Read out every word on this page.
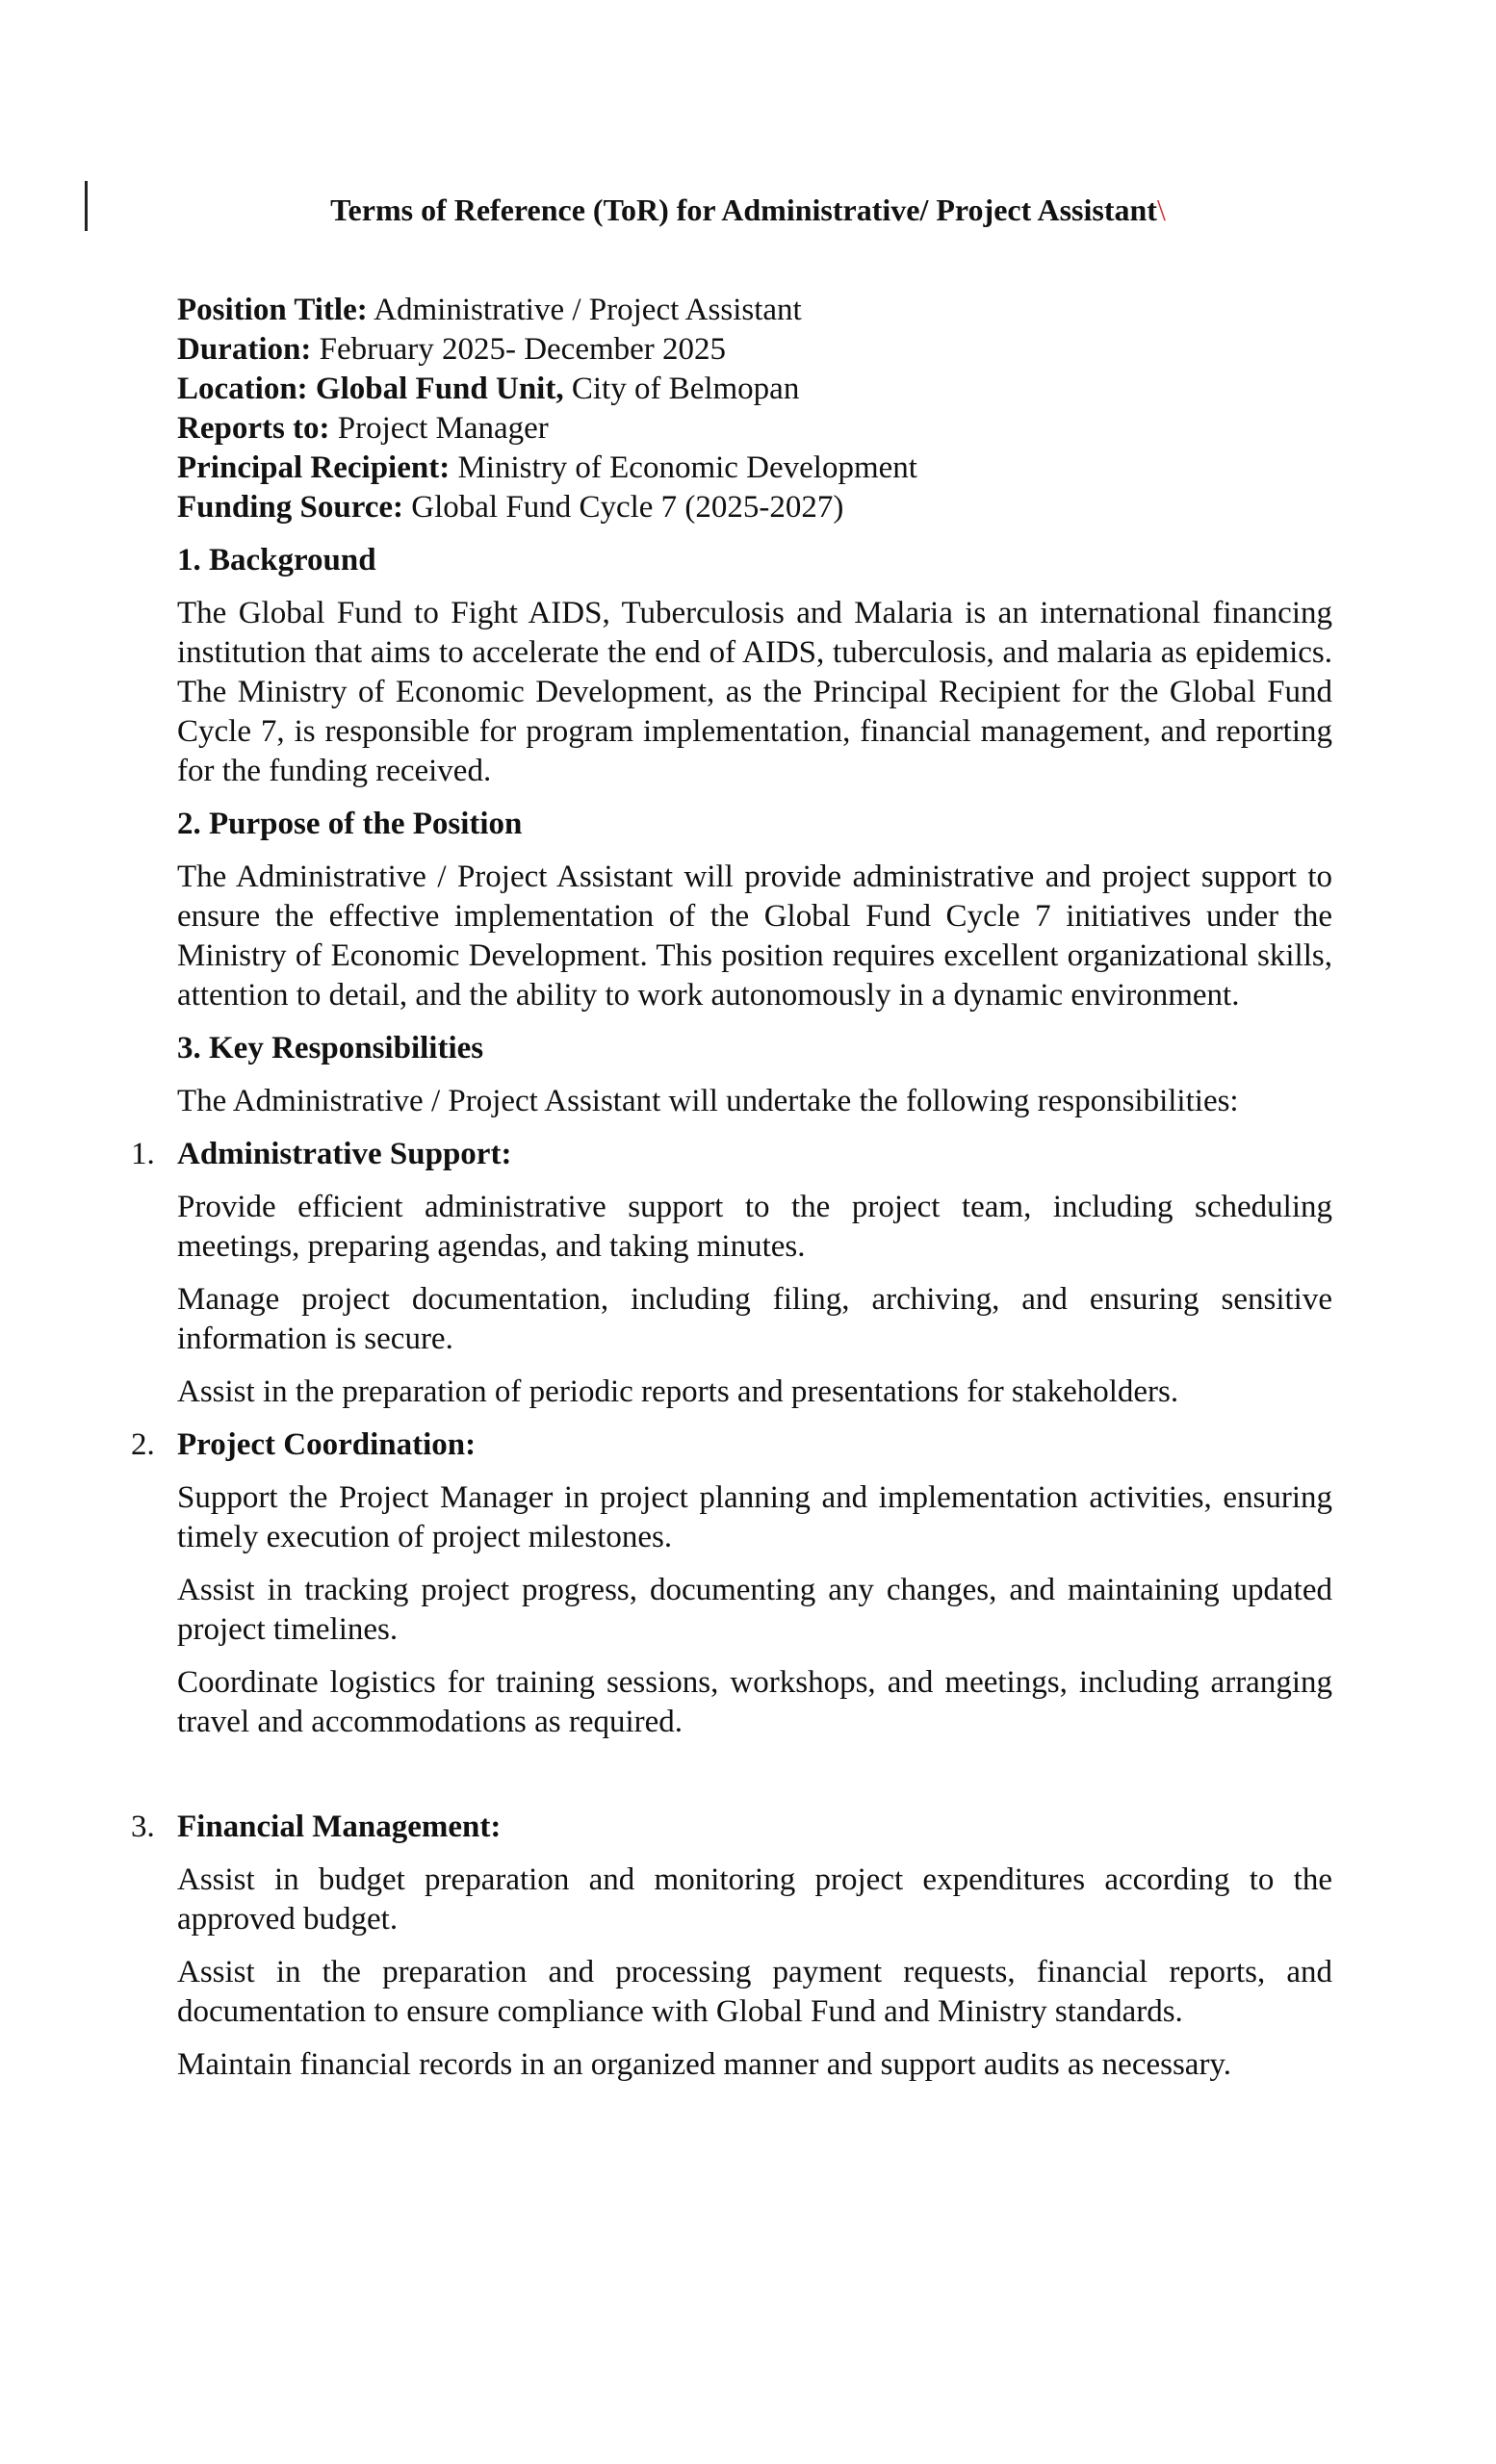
Terms of Reference (ToR) for Administrative/ Project Assistant\

Position Title: Administrative / Project Assistant

Duration: February 2025- December 2025

Location: Global Fund Unit, City of Belmopan

Reports to: Project Manager

Principal Recipient: Ministry of Economic Development

Funding Source: Global Fund Cycle 7 (2025-2027)

1. Background

The Global Fund to Fight AIDS, Tuberculosis and Malaria is an international financing institution that aims to accelerate the end of AIDS, tuberculosis, and malaria as epidemics. The Ministry of Economic Development, as the Principal Recipient for the Global Fund Cycle 7, is responsible for program implementation, financial management, and reporting for the funding received.

2. Purpose of the Position

The Administrative / Project Assistant will provide administrative and project support to ensure the effective implementation of the Global Fund Cycle 7 initiatives under the Ministry of Economic Development. This position requires excellent organizational skills, attention to detail, and the ability to work autonomously in a dynamic environment.

3. Key Responsibilities

The Administrative / Project Assistant will undertake the following responsibilities:

1. Administrative Support:

Provide efficient administrative support to the project team, including scheduling meetings, preparing agendas, and taking minutes.

Manage project documentation, including filing, archiving, and ensuring sensitive information is secure.

Assist in the preparation of periodic reports and presentations for stakeholders.

2. Project Coordination:

Support the Project Manager in project planning and implementation activities, ensuring timely execution of project milestones.

Assist in tracking project progress, documenting any changes, and maintaining updated project timelines.

Coordinate logistics for training sessions, workshops, and meetings, including arranging travel and accommodations as required.

3. Financial Management:

Assist in budget preparation and monitoring project expenditures according to the approved budget.

Assist in the preparation and processing payment requests, financial reports, and documentation to ensure compliance with Global Fund and Ministry standards.

Maintain financial records in an organized manner and support audits as necessary.
